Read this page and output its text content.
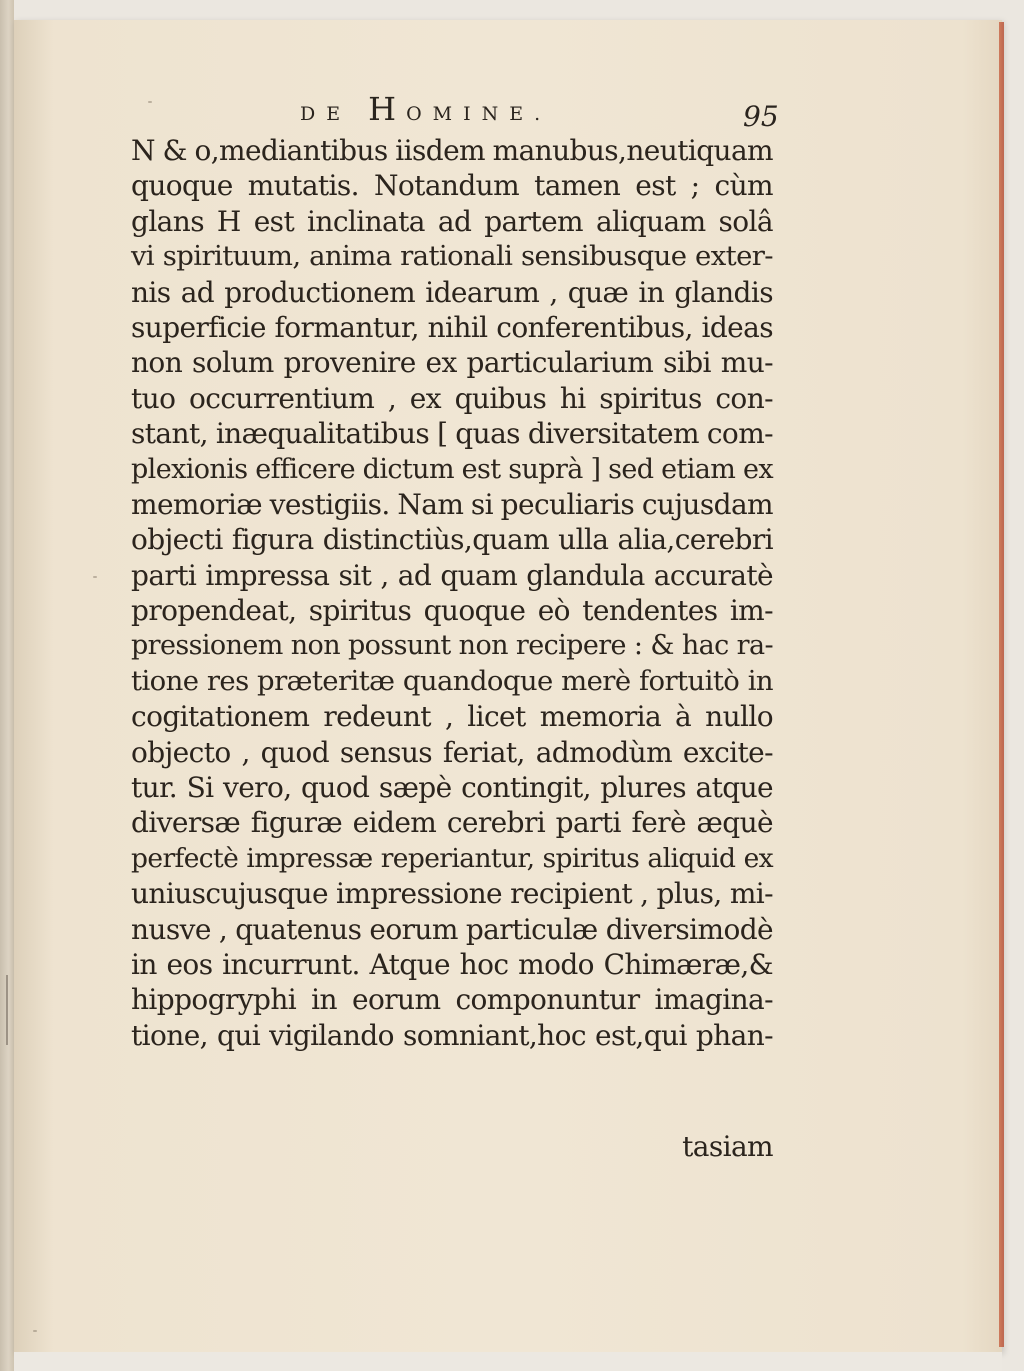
DE H OMINE.	95
N & o,mediantibus iisdem manubus,neutiquam
quoque mutatis. Notandum tamen est ; cùm
glans H est inclinata ad partem aliquam solâ
vi spirituum, anima rationali sensibusque exter-
nis ad productionem idearum , quæ in glandis
superficie formantur, nihil conferentibus, ideas
non solum provenire ex particularium sibi mu-
tuo occurrentium , ex quibus hi spiritus con-
stant, inæqualitatibus [ quas diversitatem com-
plexionis efficere dictum est suprà ] sed etiam ex
memoriæ vestigiis. Nam si peculiaris cujusdam
objecti figura distinctiùs,quam ulla alia,cerebri
parti impressa sit , ad quam glandula accuratè
propendeat, spiritus quoque eò tendentes im-
pressionem non possunt non recipere : & hac ra-
tione res præteritæ quandoque merè fortuitò in
cogitationem redeunt , licet memoria à nullo
objecto , quod sensus feriat, admodùm excite-
tur. Si vero, quod sæpè contingit, plures atque
diversæ figuræ eidem cerebri parti ferè æquè
perfectè impressæ reperiantur, spiritus aliquid ex
uniuscujusque impressione recipient , plus, mi-
nusve , quatenus eorum particulæ diversimodè
in eos incurrunt. Atque hoc modo Chimæræ,&
hippogryphi in eorum componuntur imagina-
tione, qui vigilando somniant,hoc est,qui phan-
tasiam
